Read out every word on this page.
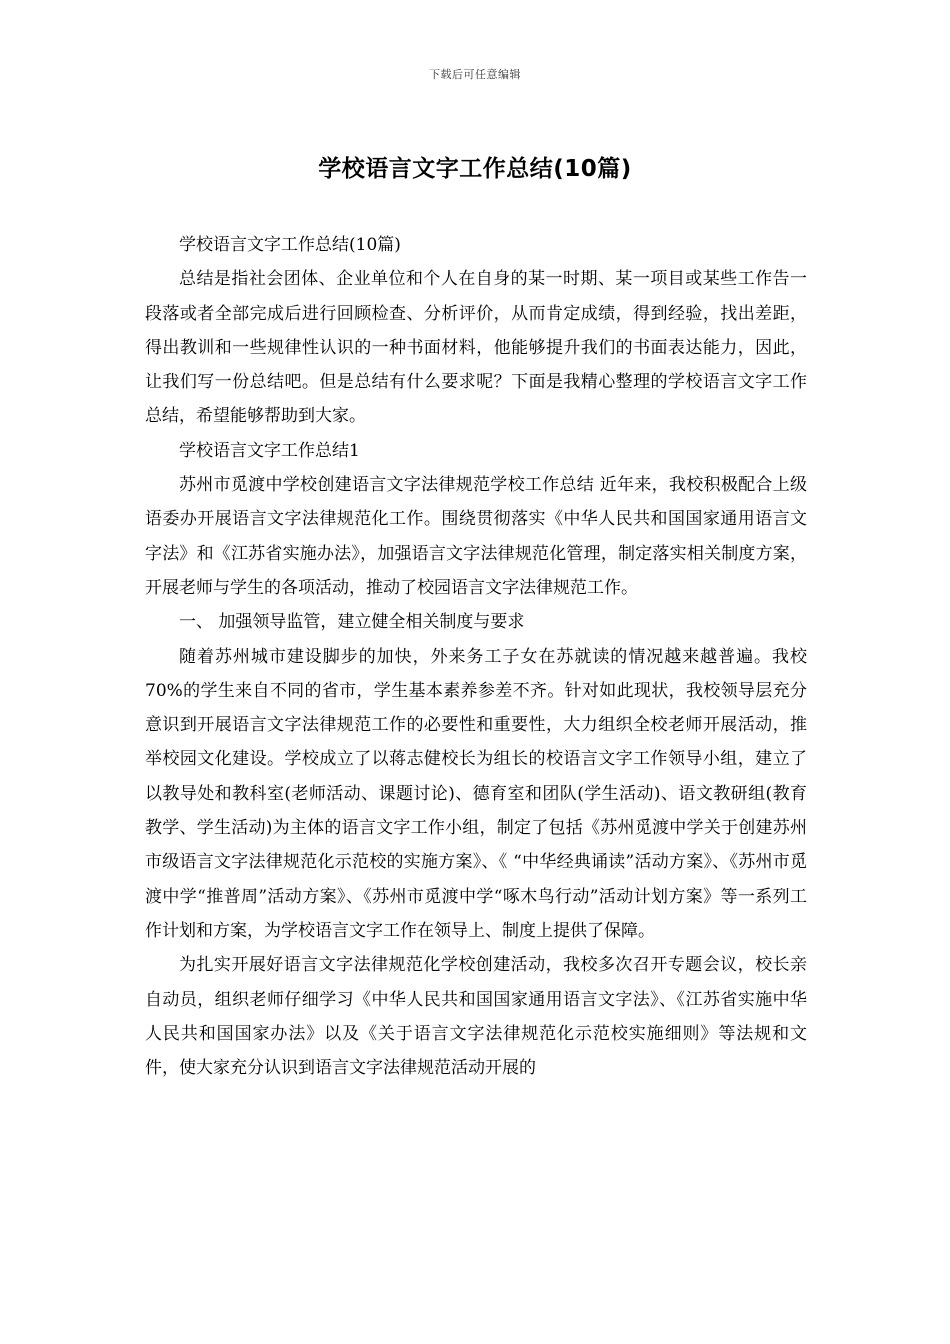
下载后可任意编辑
学校语言文字工作总结(10篇)

学校语言文字工作总结(10篇)

总结是指社会团体、企业单位和个人在自身的某一时期、某一项目或某些工作告一段落或者全部完成后进行回顾检查、分析评价，从而肯定成绩，得到经验，找出差距，得出教训和一些规律性认识的一种书面材料，他能够提升我们的书面表达能力，因此，让我们写一份总结吧。但是总结有什么要求呢？下面是我精心整理的学校语言文字工作总结，希望能够帮助到大家。

学校语言文字工作总结1

苏州市觅渡中学校创建语言文字法律规范学校工作总结 近年来，我校积极配合上级语委办开展语言文字法律规范化工作。围绕贯彻落实《中华人民共和国国家通用语言文字法》和《江苏省实施办法》，加强语言文字法律规范化管理，制定落实相关制度方案，开展老师与学生的各项活动，推动了校园语言文字法律规范工作。

一、 加强领导监管，建立健全相关制度与要求

随着苏州城市建设脚步的加快，外来务工子女在苏就读的情况越来越普遍。我校70%的学生来自不同的省市，学生基本素养参差不齐。针对如此现状，我校领导层充分意识到开展语言文字法律规范工作的必要性和重要性，大力组织全校老师开展活动，推举校园文化建设。学校成立了以蒋志健校长为组长的校语言文字工作领导小组，建立了以教导处和教科室(老师活动、课题讨论)、德育室和团队(学生活动)、语文教研组(教育教学、学生活动)为主体的语言文字工作小组，制定了包括《苏州觅渡中学关于创建苏州市级语言文字法律规范化示范校的实施方案》、《 “中华经典诵读”活动方案》、《苏州市觅渡中学“推普周”活动方案》、《苏州市觅渡中学“啄木鸟行动”活动计划方案》等一系列工作计划和方案，为学校语言文字工作在领导上、制度上提供了保障。

为扎实开展好语言文字法律规范化学校创建活动，我校多次召开专题会议，校长亲自动员，组织老师仔细学习《中华人民共和国国家通用语言文字法》、《江苏省实施中华人民共和国国家办法》以及《关于语言文字法律规范化示范校实施细则》等法规和文件，使大家充分认识到语言文字法律规范活动开展的
